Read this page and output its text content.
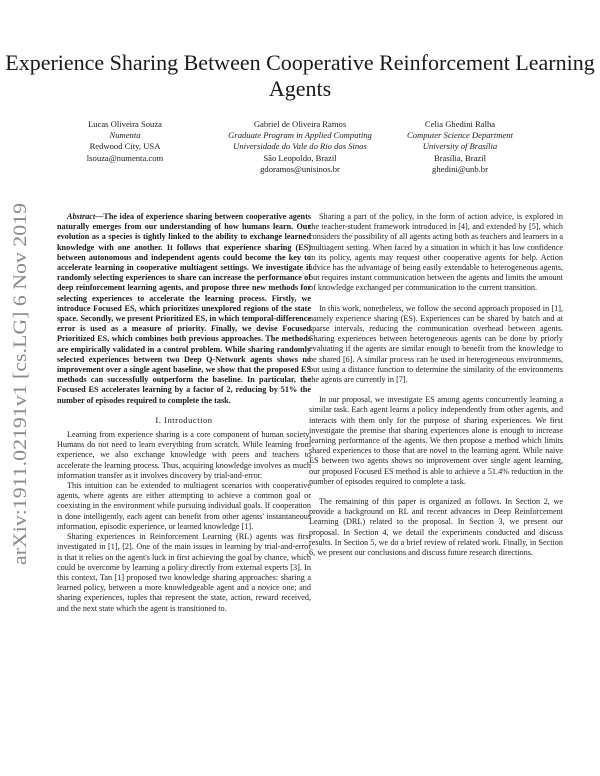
Experience Sharing Between Cooperative Reinforcement Learning Agents
Lucas Oliveira Souza
Numenta
Redwood City, USA
lsouza@numenta.com
Gabriel de Oliveira Ramos
Graduate Program in Applied Computing
Universidade do Vale do Rio dos Sinos
São Leopoldo, Brazil
gdoramos@unisinos.br
Celia Ghedini Ralha
Computer Science Department
University of Brasília
Brasília, Brazil
ghedini@unb.br
arXiv:1911.02191v1 [cs.LG] 6 Nov 2019

Abstract—The idea of experience sharing between cooperative agents naturally emerges from our understanding of how humans learn. Our evolution as a species is tightly linked to the ability to exchange learned knowledge with one another. It follows that experience sharing (ES) between autonomous and independent agents could become the key to accelerate learning in cooperative multiagent settings. We investigate if randomly selecting experiences to share can increase the performance of deep reinforcement learning agents, and propose three new methods for selecting experiences to accelerate the learning process. Firstly, we introduce Focused ES, which prioritizes unexplored regions of the state space. Secondly, we present Prioritized ES, in which temporal-difference error is used as a measure of priority. Finally, we devise Focused Prioritized ES, which combines both previous approaches. The methods are empirically validated in a control problem. While sharing randomly selected experiences between two Deep Q-Network agents shows no improvement over a single agent baseline, we show that the proposed ES methods can successfully outperform the baseline. In particular, the Focused ES accelerates learning by a factor of 2, reducing by 51% the number of episodes required to complete the task.

I. Introduction

Learning from experience sharing is a core component of human society. Humans do not need to learn everything from scratch. While learning from experience, we also exchange knowledge with peers and teachers to accelerate the learning process. Thus, acquiring knowledge involves as much information transfer as it involves discovery by trial-and-error.

This intuition can be extended to multiagent scenarios with cooperative agents, where agents are either attempting to achieve a common goal or coexisting in the environment while pursuing individual goals. If cooperation is done intelligently, each agent can benefit from other agents' instantaneous information, episodic experience, or learned knowledge [1].

Sharing experiences in Reinforcement Learning (RL) agents was first investigated in [1], [2]. One of the main issues in learning by trial-and-error is that it relies on the agent's luck in first achieving the goal by chance, which could be overcome by learning a policy directly from external experts [3]. In this context, Tan [1] proposed two knowledge sharing approaches: sharing a learned policy, between a more knowledgeable agent and a novice one; and sharing experiences, tuples that represent the state, action, reward received, and the next state which the agent is transitioned to.

Sharing a part of the policy, in the form of action advice, is explored in the teacher-student framework introduced in [4], and extended by [5], which considers the possibility of all agents acting both as teachers and learners in a multiagent setting. When faced by a situation in which it has low confidence in its policy, agents may request other cooperative agents for help. Action advice has the advantage of being easily extendable to heterogeneous agents, but requires instant communication between the agents and limits the amount of knowledge exchanged per communication to the current transition.

In this work, nonetheless, we follow the second approach proposed in [1], namely experience sharing (ES). Experiences can be shared by batch and at sparse intervals, reducing the communication overhead between agents. Sharing experiences between heterogeneous agents can be done by priorly evaluating if the agents are similar enough to benefit from the knowledge to be shared [6]. A similar process can be used in heterogeneous environments, but using a distance function to determine the similarity of the environments the agents are currently in [7].

In our proposal, we investigate ES among agents concurrently learning a similar task. Each agent learns a policy independently from other agents, and interacts with them only for the purpose of sharing experiences. We first investigate the premise that sharing experiences alone is enough to increase learning performance of the agents. We then propose a method which limits shared experiences to those that are novel to the learning agent. While naive ES between two agents shows no improvement over single agent learning, our proposed Focused ES method is able to achieve a 51.4% reduction in the number of episodes required to complete a task.

The remaining of this paper is organized as follows. In Section 2, we provide a background on RL and recent advances in Deep Reinforcement Learning (DRL) related to the proposal. In Section 3, we present our proposal. In Section 4, we detail the experiments conducted and discuss results. In Section 5, we do a brief review of related work. Finally, in Section 6, we present our conclusions and discuss future research directions.
